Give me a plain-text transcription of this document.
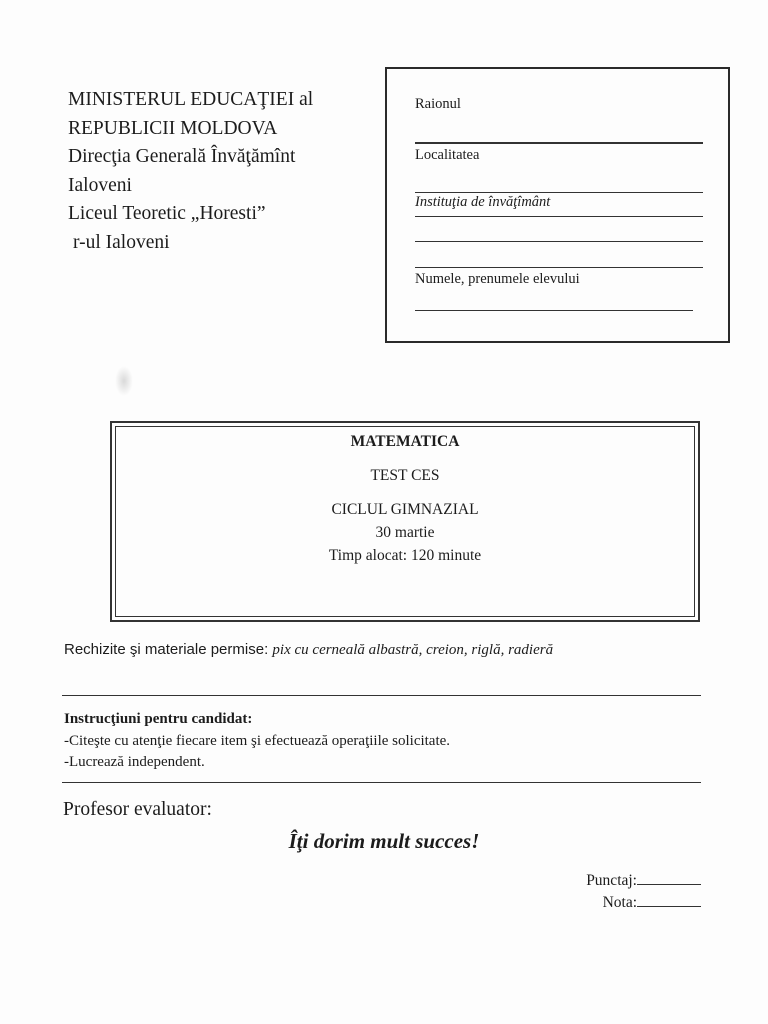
MINISTERUL EDUCAŢIEI al
REPUBLICII MOLDOVA
Direcţia Generală Învăţămînt
Ialoveni
Liceul Teoretic „Horesti”
r-ul Ialoveni
Raionul
Localitatea
Instituţia de învăţîmânt
Numele, prenumele elevului
MATEMATICA
TEST CES
CICLUL GIMNAZIAL
30 martie
Timp alocat: 120 minute
Rechizite şi materiale permise: pix cu cerneală albastră, creion, riglă, radieră
Instrucţiuni pentru candidat:
-Citeşte cu atenţie fiecare item şi efectuează operaţiile solicitate.
-Lucrează independent.
Profesor evaluator:
Îţi dorim mult succes!
Punctaj:
Nota:
